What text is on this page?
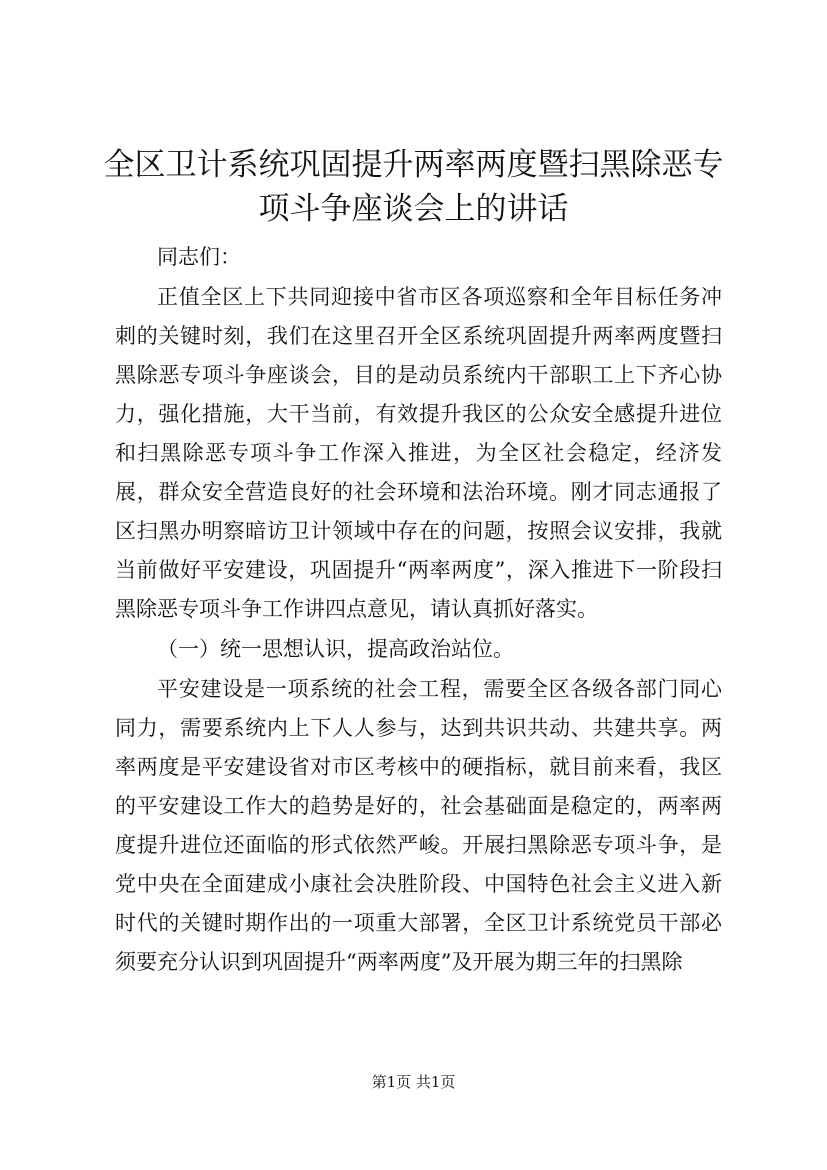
全区卫计系统巩固提升两率两度暨扫黑除恶专项斗争座谈会上的讲话

同志们：

正值全区上下共同迎接中省市区各项巡察和全年目标任务冲刺的关键时刻，我们在这里召开全区系统巩固提升两率两度暨扫黑除恶专项斗争座谈会，目的是动员系统内干部职工上下齐心协力，强化措施，大干当前，有效提升我区的公众安全感提升进位和扫黑除恶专项斗争工作深入推进，为全区社会稳定，经济发展，群众安全营造良好的社会环境和法治环境。刚才同志通报了区扫黑办明察暗访卫计领域中存在的问题，按照会议安排，我就当前做好平安建设，巩固提升“两率两度”，深入推进下一阶段扫黑除恶专项斗争工作讲四点意见，请认真抓好落实。

（一）统一思想认识，提高政治站位。

平安建设是一项系统的社会工程，需要全区各级各部门同心同力，需要系统内上下人人参与，达到共识共动、共建共享。两率两度是平安建设省对市区考核中的硬指标，就目前来看，我区的平安建设工作大的趋势是好的，社会基础面是稳定的，两率两度提升进位还面临的形式依然严峻。开展扫黑除恶专项斗争，是党中央在全面建成小康社会决胜阶段、中国特色社会主义进入新时代的关键时期作出的一项重大部署，全区卫计系统党员干部必须要充分认识到巩固提升“两率两度”及开展为期三年的扫黑除

第1页 共1页
